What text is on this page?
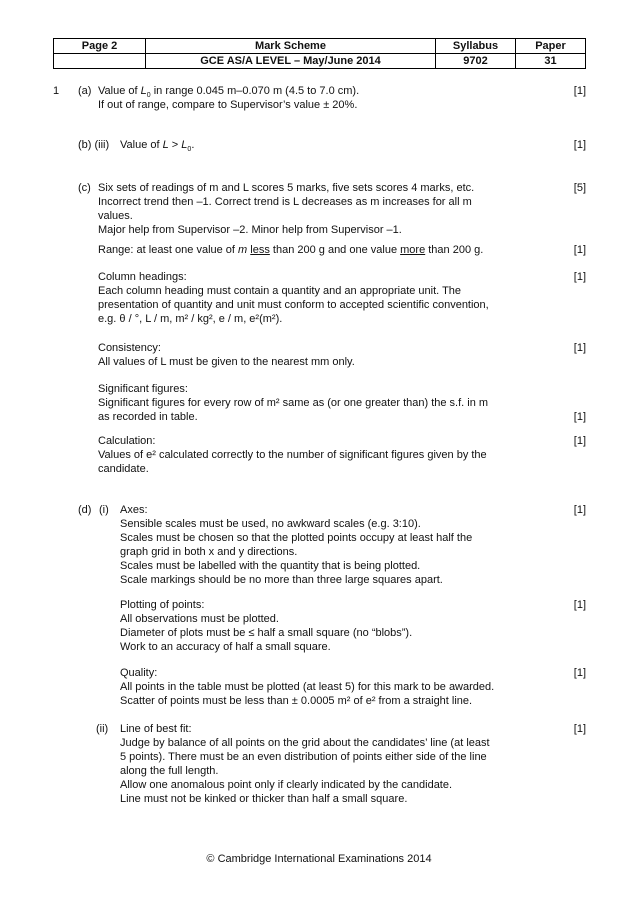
Page 2	Mark Scheme	Syllabus	Paper
	GCE AS/A LEVEL – May/June 2014	9702	31
1 (a) Value of $L_0$ in range 0.045 m–0.070 m (4.5 to 7.0 cm).
If out of range, compare to Supervisor’s value ± 20%.
[1]
(b) (iii) Value of $L > L_0$.	[1]
(c) Six sets of readings of m and L scores 5 marks, five sets scores 4 marks, etc.
Incorrect trend then –1. Correct trend is L decreases as m increases for all m
values.
Major help from Supervisor –2. Minor help from Supervisor –1.
[5]
Range: at least one value of m less than 200 g and one value more than 200 g.	[1]
Column headings:
Each column heading must contain a quantity and an appropriate unit. The
presentation of quantity and unit must conform to accepted scientific convention,
e.g. θ / °, L / m, m² / kg², e / m, e²(m²).
[1]
Consistency:
All values of L must be given to the nearest mm only.
[1]
Significant figures:
Significant figures for every row of m² same as (or one greater than) the s.f. in m
as recorded in table.	[1]
Calculation:
Values of e² calculated correctly to the number of significant figures given by the
candidate.
[1]
(d) (i) Axes:
Sensible scales must be used, no awkward scales (e.g. 3:10).
Scales must be chosen so that the plotted points occupy at least half the
graph grid in both x and y directions.
Scales must be labelled with the quantity that is being plotted.
Scale markings should be no more than three large squares apart.
[1]
Plotting of points:
All observations must be plotted.
Diameter of plots must be ≤ half a small square (no “blobs”).
Work to an accuracy of half a small square.
[1]
Quality:
All points in the table must be plotted (at least 5) for this mark to be awarded.
Scatter of points must be less than ± 0.0005 m² of e² from a straight line.
[1]
(ii) Line of best fit:
Judge by balance of all points on the grid about the candidates’ line (at least
5 points). There must be an even distribution of points either side of the line
along the full length.
Allow one anomalous point only if clearly indicated by the candidate.
Line must not be kinked or thicker than half a small square.
[1]
© Cambridge International Examinations 2014
